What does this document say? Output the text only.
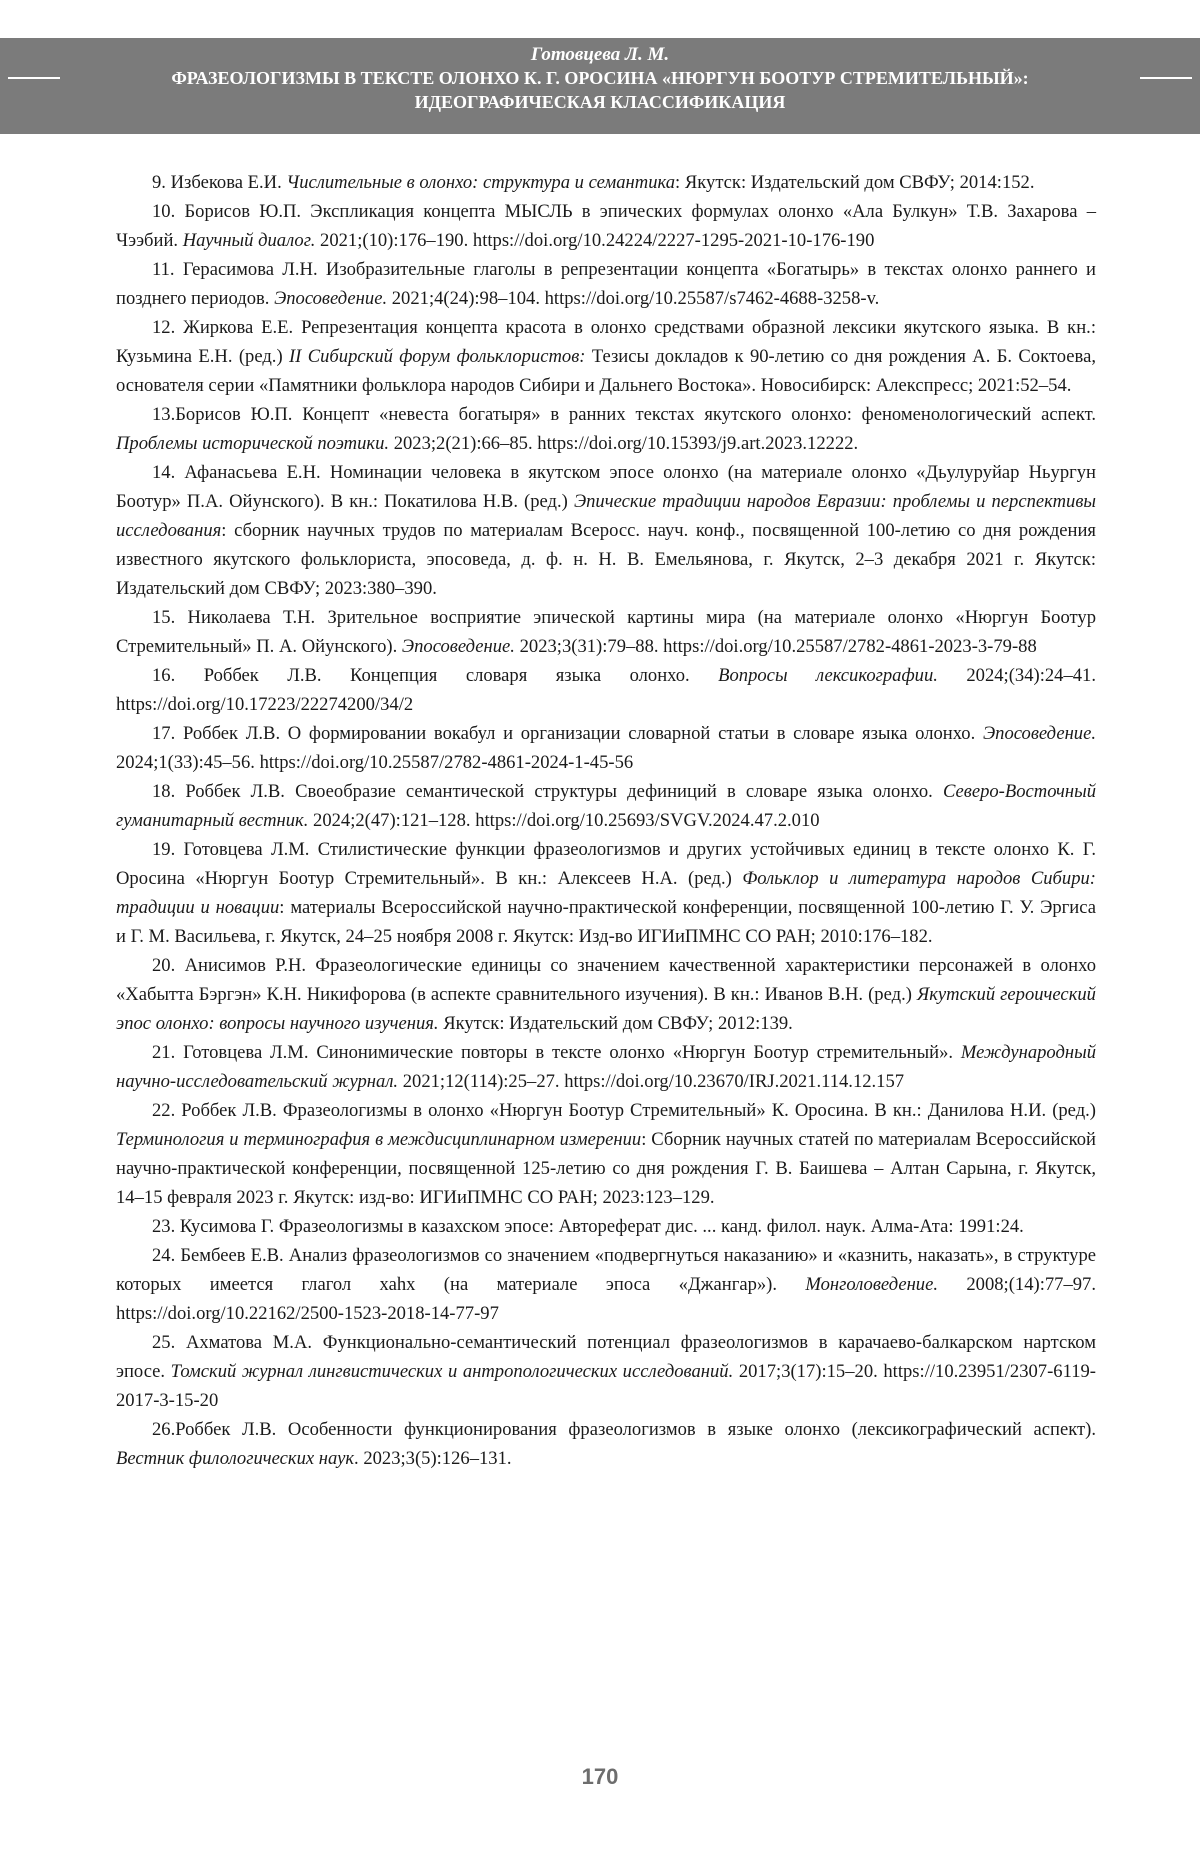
Готовцева Л. М.
ФРАЗЕОЛОГИЗМЫ В ТЕКСТЕ ОЛОНХО К. Г. ОРОСИНА «НЮРГУН БООТУР СТРЕМИТЕЛЬНЫЙ»:
ИДЕОГРАФИЧЕСКАЯ КЛАССИФИКАЦИЯ

9. Избекова Е.И. Числительные в олонхо: структура и семантика: Якутск: Издательский дом СВФУ; 2014:152.

10. Борисов Ю.П. Экспликация концепта МЫСЛЬ в эпических формулах олонхо «Ала Булкун» Т.В. Захарова – Чээбий. Научный диалог. 2021;(10):176–190. https://doi.org/10.24224/2227-1295-2021-10-176-190

11. Герасимова Л.Н. Изобразительные глаголы в репрезентации концепта «Богатырь» в текстах олонхо раннего и позднего периодов. Эпосоведение. 2021;4(24):98–104. https://doi.org/10.25587/s7462-4688-3258-v.

12. Жиркова Е.Е. Репрезентация концепта красота в олонхо средствами образной лексики якутского языка. В кн.: Кузьмина Е.Н. (ред.) II Сибирский форум фольклористов: Тезисы докладов к 90-летию со дня рождения А. Б. Соктоева, основателя серии «Памятники фольклора народов Сибири и Дальнего Востока». Новосибирск: Алекспресс; 2021:52–54.

13.Борисов Ю.П. Концепт «невеста богатыря» в ранних текстах якутского олонхо: феноменологический аспект. Проблемы исторической поэтики. 2023;2(21):66–85. https://doi.org/10.15393/j9.art.2023.12222.

14. Афанасьева Е.Н. Номинации человека в якутском эпосе олонхо (на материале олонхо «Дьулуруйар Ньургун Боотур» П.А. Ойунского). В кн.: Покатилова Н.В. (ред.) Эпические традиции народов Евразии: проблемы и перспективы исследования: сборник научных трудов по материалам Всеросс. науч. конф., посвященной 100-летию со дня рождения известного якутского фольклориста, эпосоведа, д. ф. н. Н. В. Емельянова, г. Якутск, 2–3 декабря 2021 г. Якутск: Издательский дом СВФУ; 2023:380–390.

15. Николаева Т.Н. Зрительное восприятие эпической картины мира (на материале олонхо «Нюргун Боотур Стремительный» П. А. Ойунского). Эпосоведение. 2023;3(31):79–88. https://doi.org/10.25587/2782-4861-2023-3-79-88

16. Роббек Л.В. Концепция словаря языка олонхо. Вопросы лексикографии. 2024;(34):24–41. https://doi.org/10.17223/22274200/34/2

17. Роббек Л.В. О формировании вокабул и организации словарной статьи в словаре языка олонхо. Эпосоведение. 2024;1(33):45–56. https://doi.org/10.25587/2782-4861-2024-1-45-56

18. Роббек Л.В. Своеобразие семантической структуры дефиниций в словаре языка олонхо. Северо-Восточный гуманитарный вестник. 2024;2(47):121–128. https://doi.org/10.25693/SVGV.2024.47.2.010

19. Готовцева Л.М. Стилистические функции фразеологизмов и других устойчивых единиц в тексте олонхо К. Г. Оросина «Нюргун Боотур Стремительный». В кн.: Алексеев Н.А. (ред.) Фольклор и литература народов Сибири: традиции и новации: материалы Всероссийской научно-практической конференции, посвященной 100-летию Г. У. Эргиса и Г. М. Васильева, г. Якутск, 24–25 ноября 2008 г. Якутск: Изд-во ИГИиПМНС СО РАН; 2010:176–182.

20. Анисимов Р.Н. Фразеологические единицы со значением качественной характеристики персонажей в олонхо «Хабытта Бэргэн» К.Н. Никифорова (в аспекте сравнительного изучения). В кн.: Иванов В.Н. (ред.) Якутский героический эпос олонхо: вопросы научного изучения. Якутск: Издательский дом СВФУ; 2012:139.

21. Готовцева Л.М. Синонимические повторы в тексте олонхо «Нюргун Боотур стремительный». Международный научно-исследовательский журнал. 2021;12(114):25–27. https://doi.org/10.23670/IRJ.2021.114.12.157

22. Роббек Л.В. Фразеологизмы в олонхо «Нюргун Боотур Стремительный» К. Оросина. В кн.: Данилова Н.И. (ред.) Терминология и терминография в междисциплинарном измерении: Сборник научных статей по материалам Всероссийской научно-практической конференции, посвященной 125-летию со дня рождения Г. В. Баишева – Алтан Сарына, г. Якутск, 14–15 февраля 2023 г. Якутск: изд-во: ИГИиПМНС СО РАН; 2023:123–129.

23. Кусимова Г. Фразеологизмы в казахском эпосе: Автореферат дис. ... канд. филол. наук. Алма-Ата: 1991:24.

24. Бембеев Е.В. Анализ фразеологизмов со значением «подвергнуться наказанию» и «казнить, наказать», в структуре которых имеется глагол хаһх (на материале эпоса «Джангар»). Монголоведение. 2008;(14):77–97. https://doi.org/10.22162/2500-1523-2018-14-77-97

25. Ахматова М.А. Функционально-семантический потенциал фразеологизмов в карачаево-балкарском нартском эпосе. Томский журнал лингвистических и антропологических исследований. 2017;3(17):15–20. https://10.23951/2307-6119-2017-3-15-20

26.Роббек Л.В. Особенности функционирования фразеологизмов в языке олонхо (лексикографический аспект). Вестник филологических наук. 2023;3(5):126–131.

170
